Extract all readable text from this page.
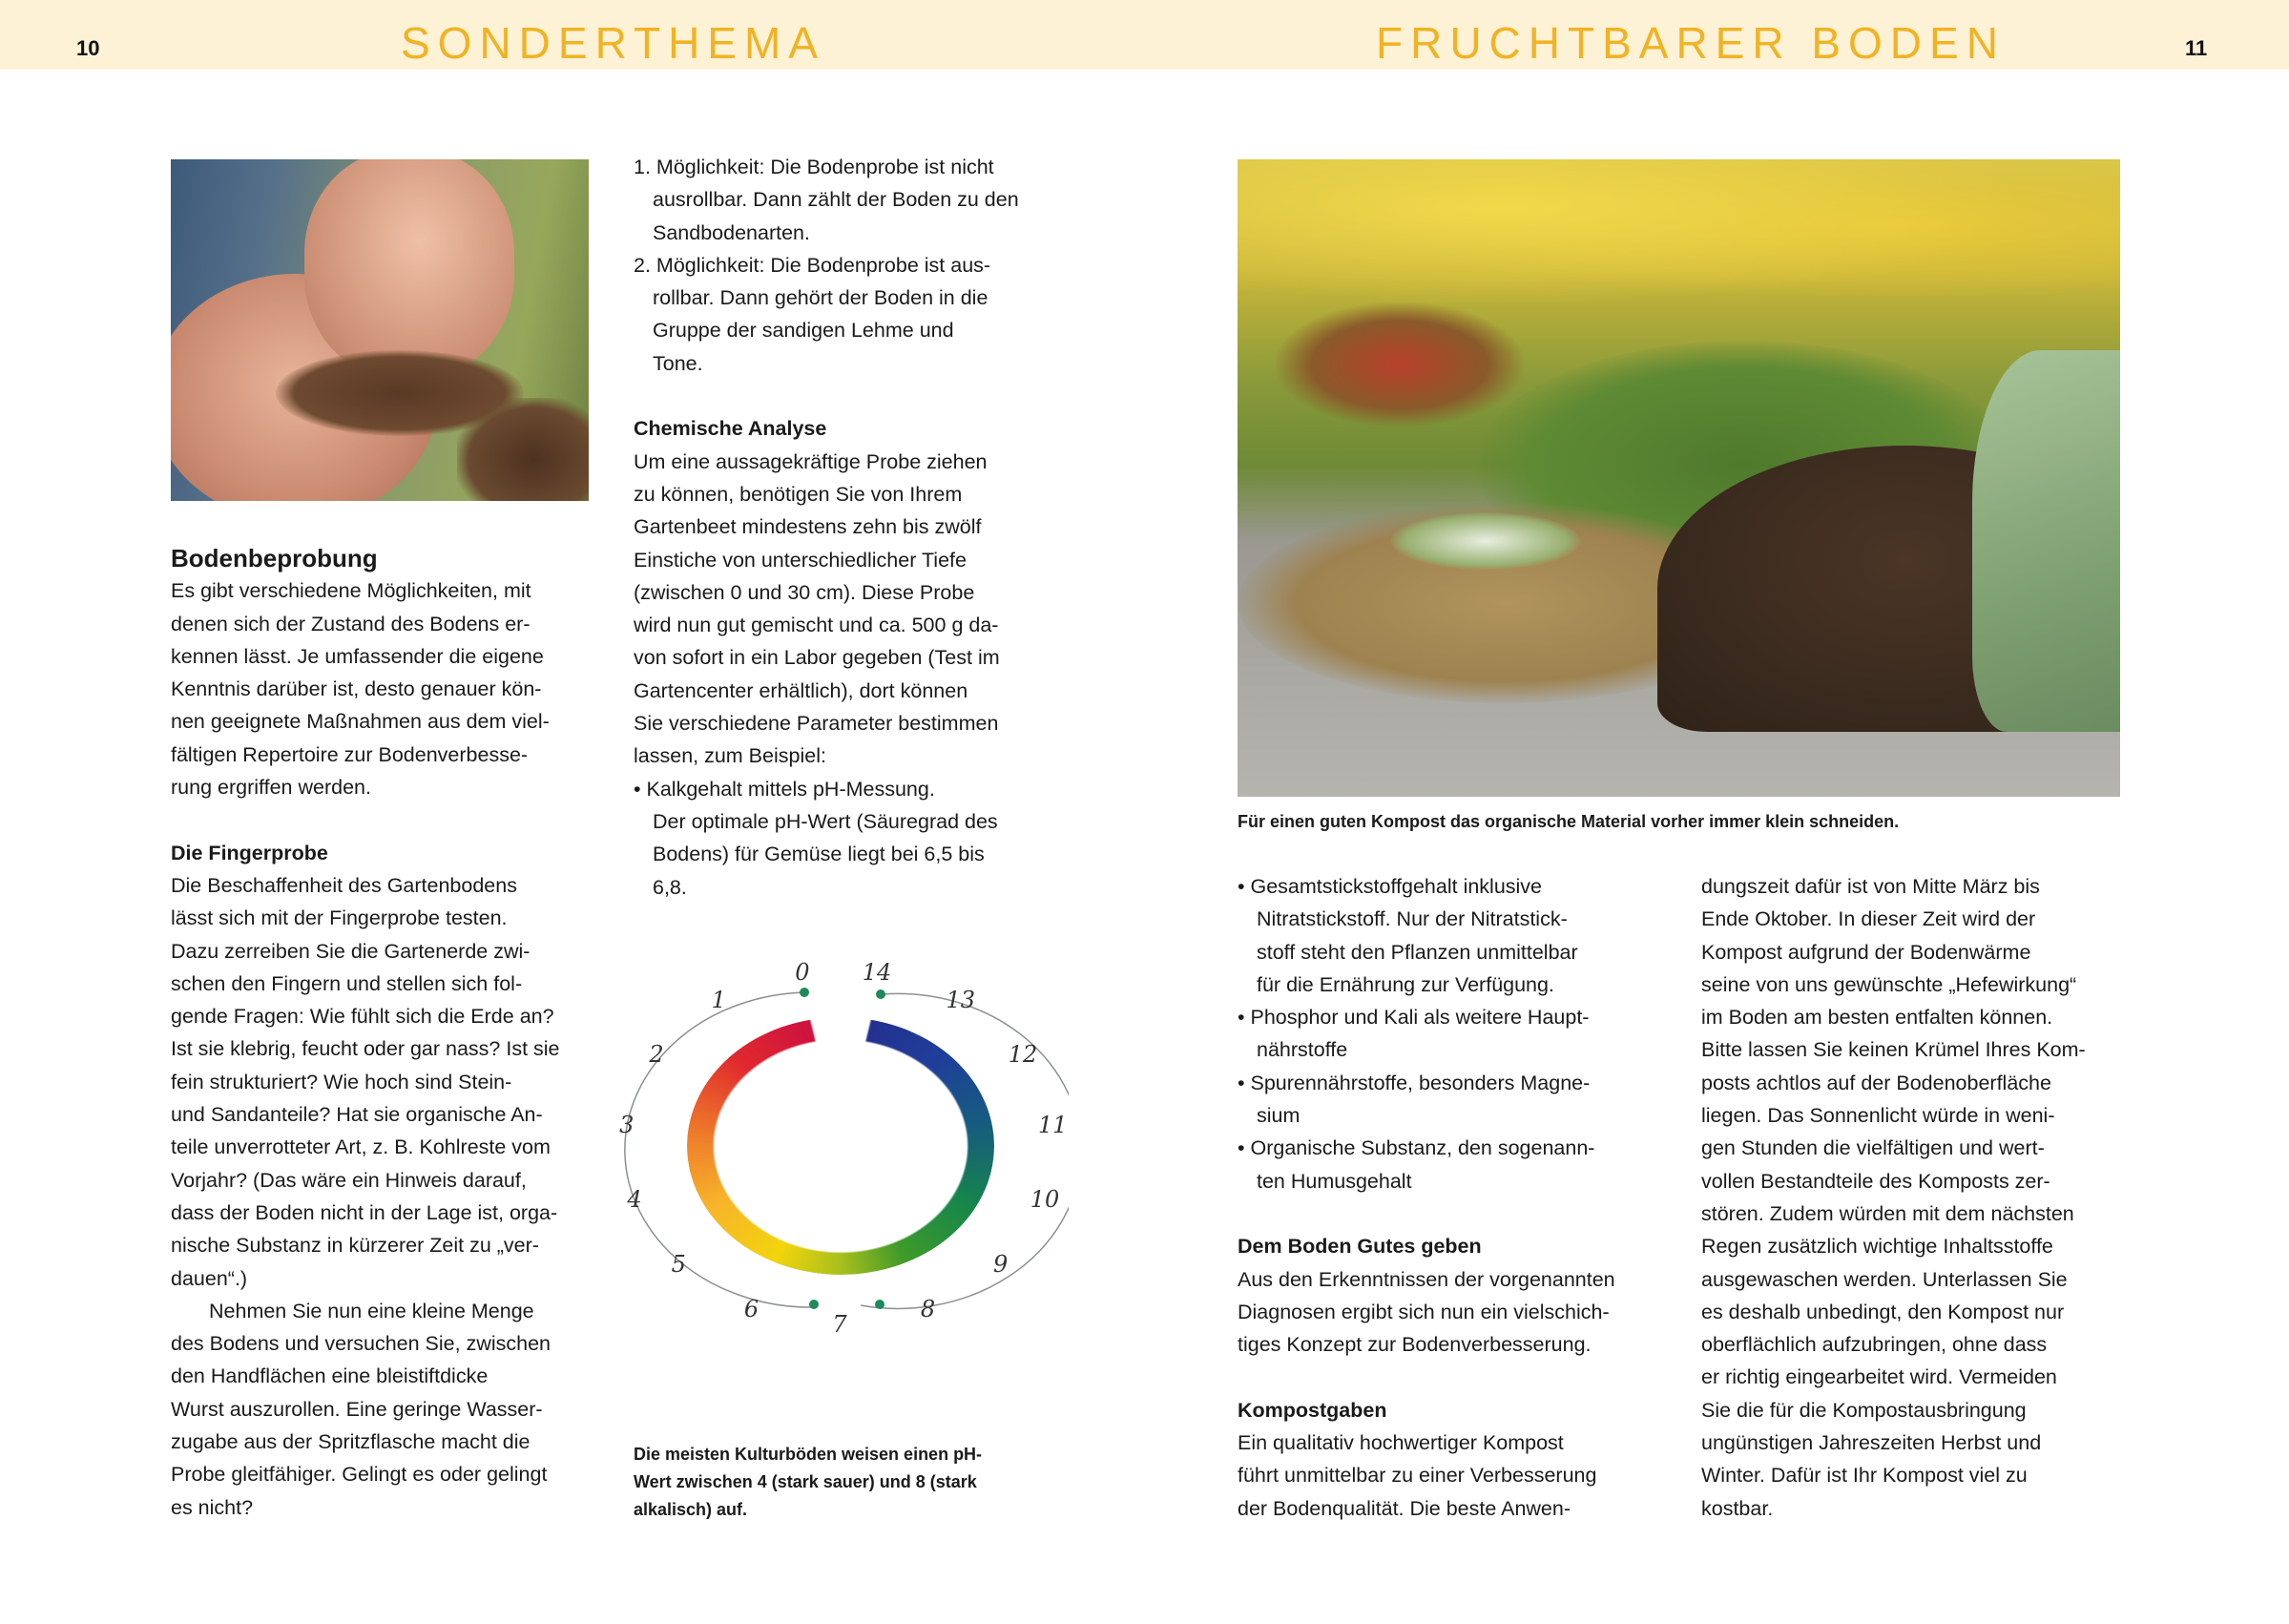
10	SONDERTHEMA	FRUCHTBARER BODEN	11
Bodenbeprobung
Es gibt verschiedene Möglichkeiten, mit
denen sich der Zustand des Bodens er-
kennen lässt. Je umfassender die eigene
Kenntnis darüber ist, desto genauer kön-
nen geeignete Maßnahmen aus dem viel-
fältigen Repertoire zur Bodenverbesse-
rung ergriffen werden.
Die Fingerprobe
Die Beschaffenheit des Gartenbodens
lässt sich mit der Fingerprobe testen.
Dazu zerreiben Sie die Gartenerde zwi-
schen den Fingern und stellen sich fol-
gende Fragen: Wie fühlt sich die Erde an?
Ist sie klebrig, feucht oder gar nass? Ist sie
fein strukturiert? Wie hoch sind Stein-
und Sandanteile? Hat sie organische An-
teile unverrotteter Art, z. B. Kohlreste vom
Vorjahr? (Das wäre ein Hinweis darauf,
dass der Boden nicht in der Lage ist, orga-
nische Substanz in kürzerer Zeit zu „ver-
dauen“.)
Nehmen Sie nun eine kleine Menge
des Bodens und versuchen Sie, zwischen
den Handflächen eine bleistiftdicke
Wurst auszurollen. Eine geringe Wasser-
zugabe aus der Spritzflasche macht die
Probe gleitfähiger. Gelingt es oder gelingt
es nicht?
1. Möglichkeit: Die Bodenprobe ist nicht
ausrollbar. Dann zählt der Boden zu den
Sandbodenarten.
2. Möglichkeit: Die Bodenprobe ist aus-
rollbar. Dann gehört der Boden in die
Gruppe der sandigen Lehme und
Tone.
Chemische Analyse
Um eine aussagekräftige Probe ziehen
zu können, benötigen Sie von Ihrem
Gartenbeet mindestens zehn bis zwölf
Einstiche von unterschiedlicher Tiefe
(zwischen 0 und 30 cm). Diese Probe
wird nun gut gemischt und ca. 500 g da-
von sofort in ein Labor gegeben (Test im
Gartencenter erhältlich), dort können
Sie verschiedene Parameter bestimmen
lassen, zum Beispiel:
• Kalkgehalt mittels pH-Messung.
Der optimale pH-Wert (Säuregrad des
Bodens) für Gemüse liegt bei 6,5 bis
6,8.
0
1
2
3
4
5
6
7
8
9
10
11
12
13
14
Die meisten Kulturböden weisen einen pH-
Wert zwischen 4 (stark sauer) und 8 (stark
alkalisch) auf.
Für einen guten Kompost das organische Material vorher immer klein schneiden.
• Gesamtstickstoffgehalt inklusive
Nitratstickstoff. Nur der Nitratstick-
stoff steht den Pflanzen unmittelbar
für die Ernährung zur Verfügung.
• Phosphor und Kali als weitere Haupt-
nährstoffe
• Spurennährstoffe, besonders Magne-
sium
• Organische Substanz, den sogenann-
ten Humusgehalt
Dem Boden Gutes geben
Aus den Erkenntnissen der vorgenannten
Diagnosen ergibt sich nun ein vielschich-
tiges Konzept zur Bodenverbesserung.
Kompostgaben
Ein qualitativ hochwertiger Kompost
führt unmittelbar zu einer Verbesserung
der Bodenqualität. Die beste Anwen-
dungszeit dafür ist von Mitte März bis
Ende Oktober. In dieser Zeit wird der
Kompost aufgrund der Bodenwärme
seine von uns gewünschte „Hefewirkung“
im Boden am besten entfalten können.
Bitte lassen Sie keinen Krümel Ihres Kom-
posts achtlos auf der Bodenoberfläche
liegen. Das Sonnenlicht würde in weni-
gen Stunden die vielfältigen und wert-
vollen Bestandteile des Komposts zer-
stören. Zudem würden mit dem nächsten
Regen zusätzlich wichtige Inhaltsstoffe
ausgewaschen werden. Unterlassen Sie
es deshalb unbedingt, den Kompost nur
oberflächlich aufzubringen, ohne dass
er richtig eingearbeitet wird. Vermeiden
Sie die für die Kompostausbringung
ungünstigen Jahreszeiten Herbst und
Winter. Dafür ist Ihr Kompost viel zu
kostbar.
